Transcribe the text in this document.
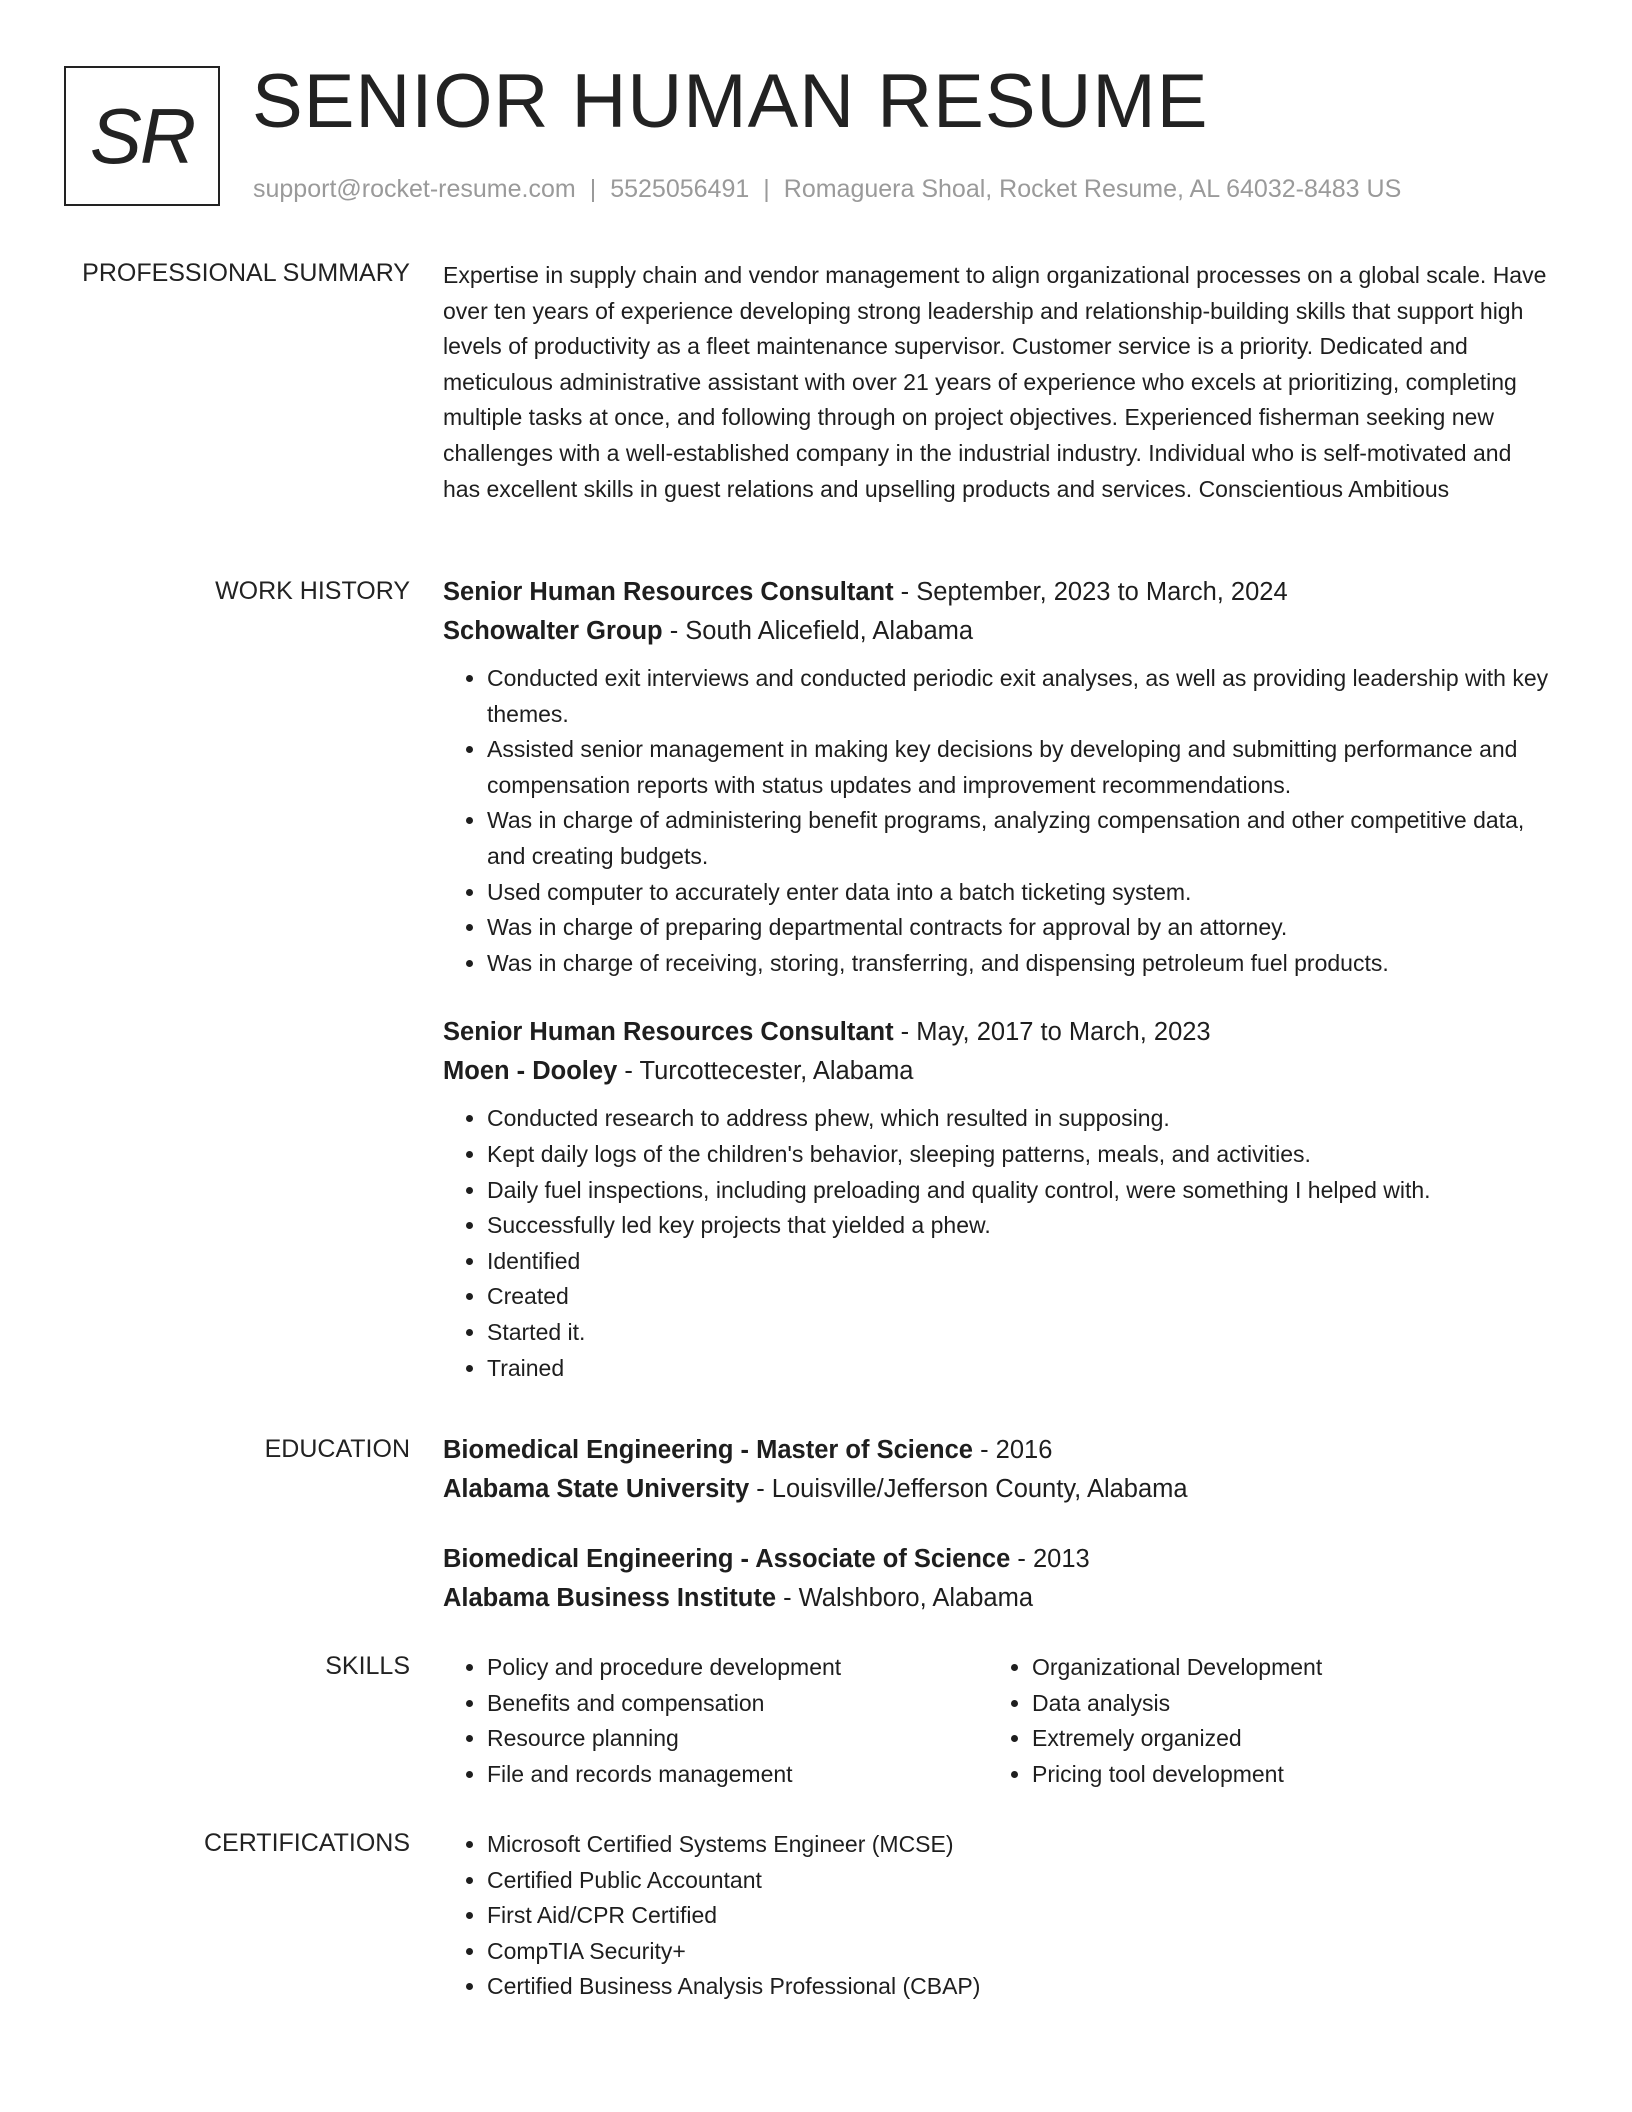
SR SENIOR HUMAN RESUME
support@rocket-resume.com | 5525056491 | Romaguera Shoal, Rocket Resume, AL 64032-8483 US
PROFESSIONAL SUMMARY Expertise in supply chain and vendor management to align organizational processes on a global scale. Have over ten years of experience developing strong leadership and relationship-building skills that support high levels of productivity as a fleet maintenance supervisor. Customer service is a priority. Dedicated and meticulous administrative assistant with over 21 years of experience who excels at prioritizing, completing multiple tasks at once, and following through on project objectives. Experienced fisherman seeking new challenges with a well-established company in the industrial industry. Individual who is self-motivated and has excellent skills in guest relations and upselling products and services. Conscientious Ambitious

WORK HISTORY Senior Human Resources Consultant - September, 2023 to March, 2024
Schowalter Group - South Alicefield, Alabama
• Conducted exit interviews and conducted periodic exit analyses, as well as providing leadership with key themes.
• Assisted senior management in making key decisions by developing and submitting performance and compensation reports with status updates and improvement recommendations.
• Was in charge of administering benefit programs, analyzing compensation and other competitive data, and creating budgets.
• Used computer to accurately enter data into a batch ticketing system.
• Was in charge of preparing departmental contracts for approval by an attorney.
• Was in charge of receiving, storing, transferring, and dispensing petroleum fuel products.
Senior Human Resources Consultant - May, 2017 to March, 2023
Moen - Dooley - Turcottecester, Alabama
• Conducted research to address phew, which resulted in supposing.
• Kept daily logs of the children's behavior, sleeping patterns, meals, and activities.
• Daily fuel inspections, including preloading and quality control, were something I helped with.
• Successfully led key projects that yielded a phew.
• Identified
• Created
• Started it.
• Trained
EDUCATION Biomedical Engineering - Master of Science - 2016
Alabama State University - Louisville/Jefferson County, Alabama
Biomedical Engineering - Associate of Science - 2013
Alabama Business Institute - Walshboro, Alabama
SKILLS	• Policy and procedure development
• Benefits and compensation
• Resource planning
• File and records management
• Organizational Development
• Data analysis
• Extremely organized
• Pricing tool development
CERTIFICATIONS	• Microsoft Certified Systems Engineer (MCSE)
• Certified Public Accountant
• First Aid/CPR Certified
• CompTIA Security+
• Certified Business Analysis Professional (CBAP)
